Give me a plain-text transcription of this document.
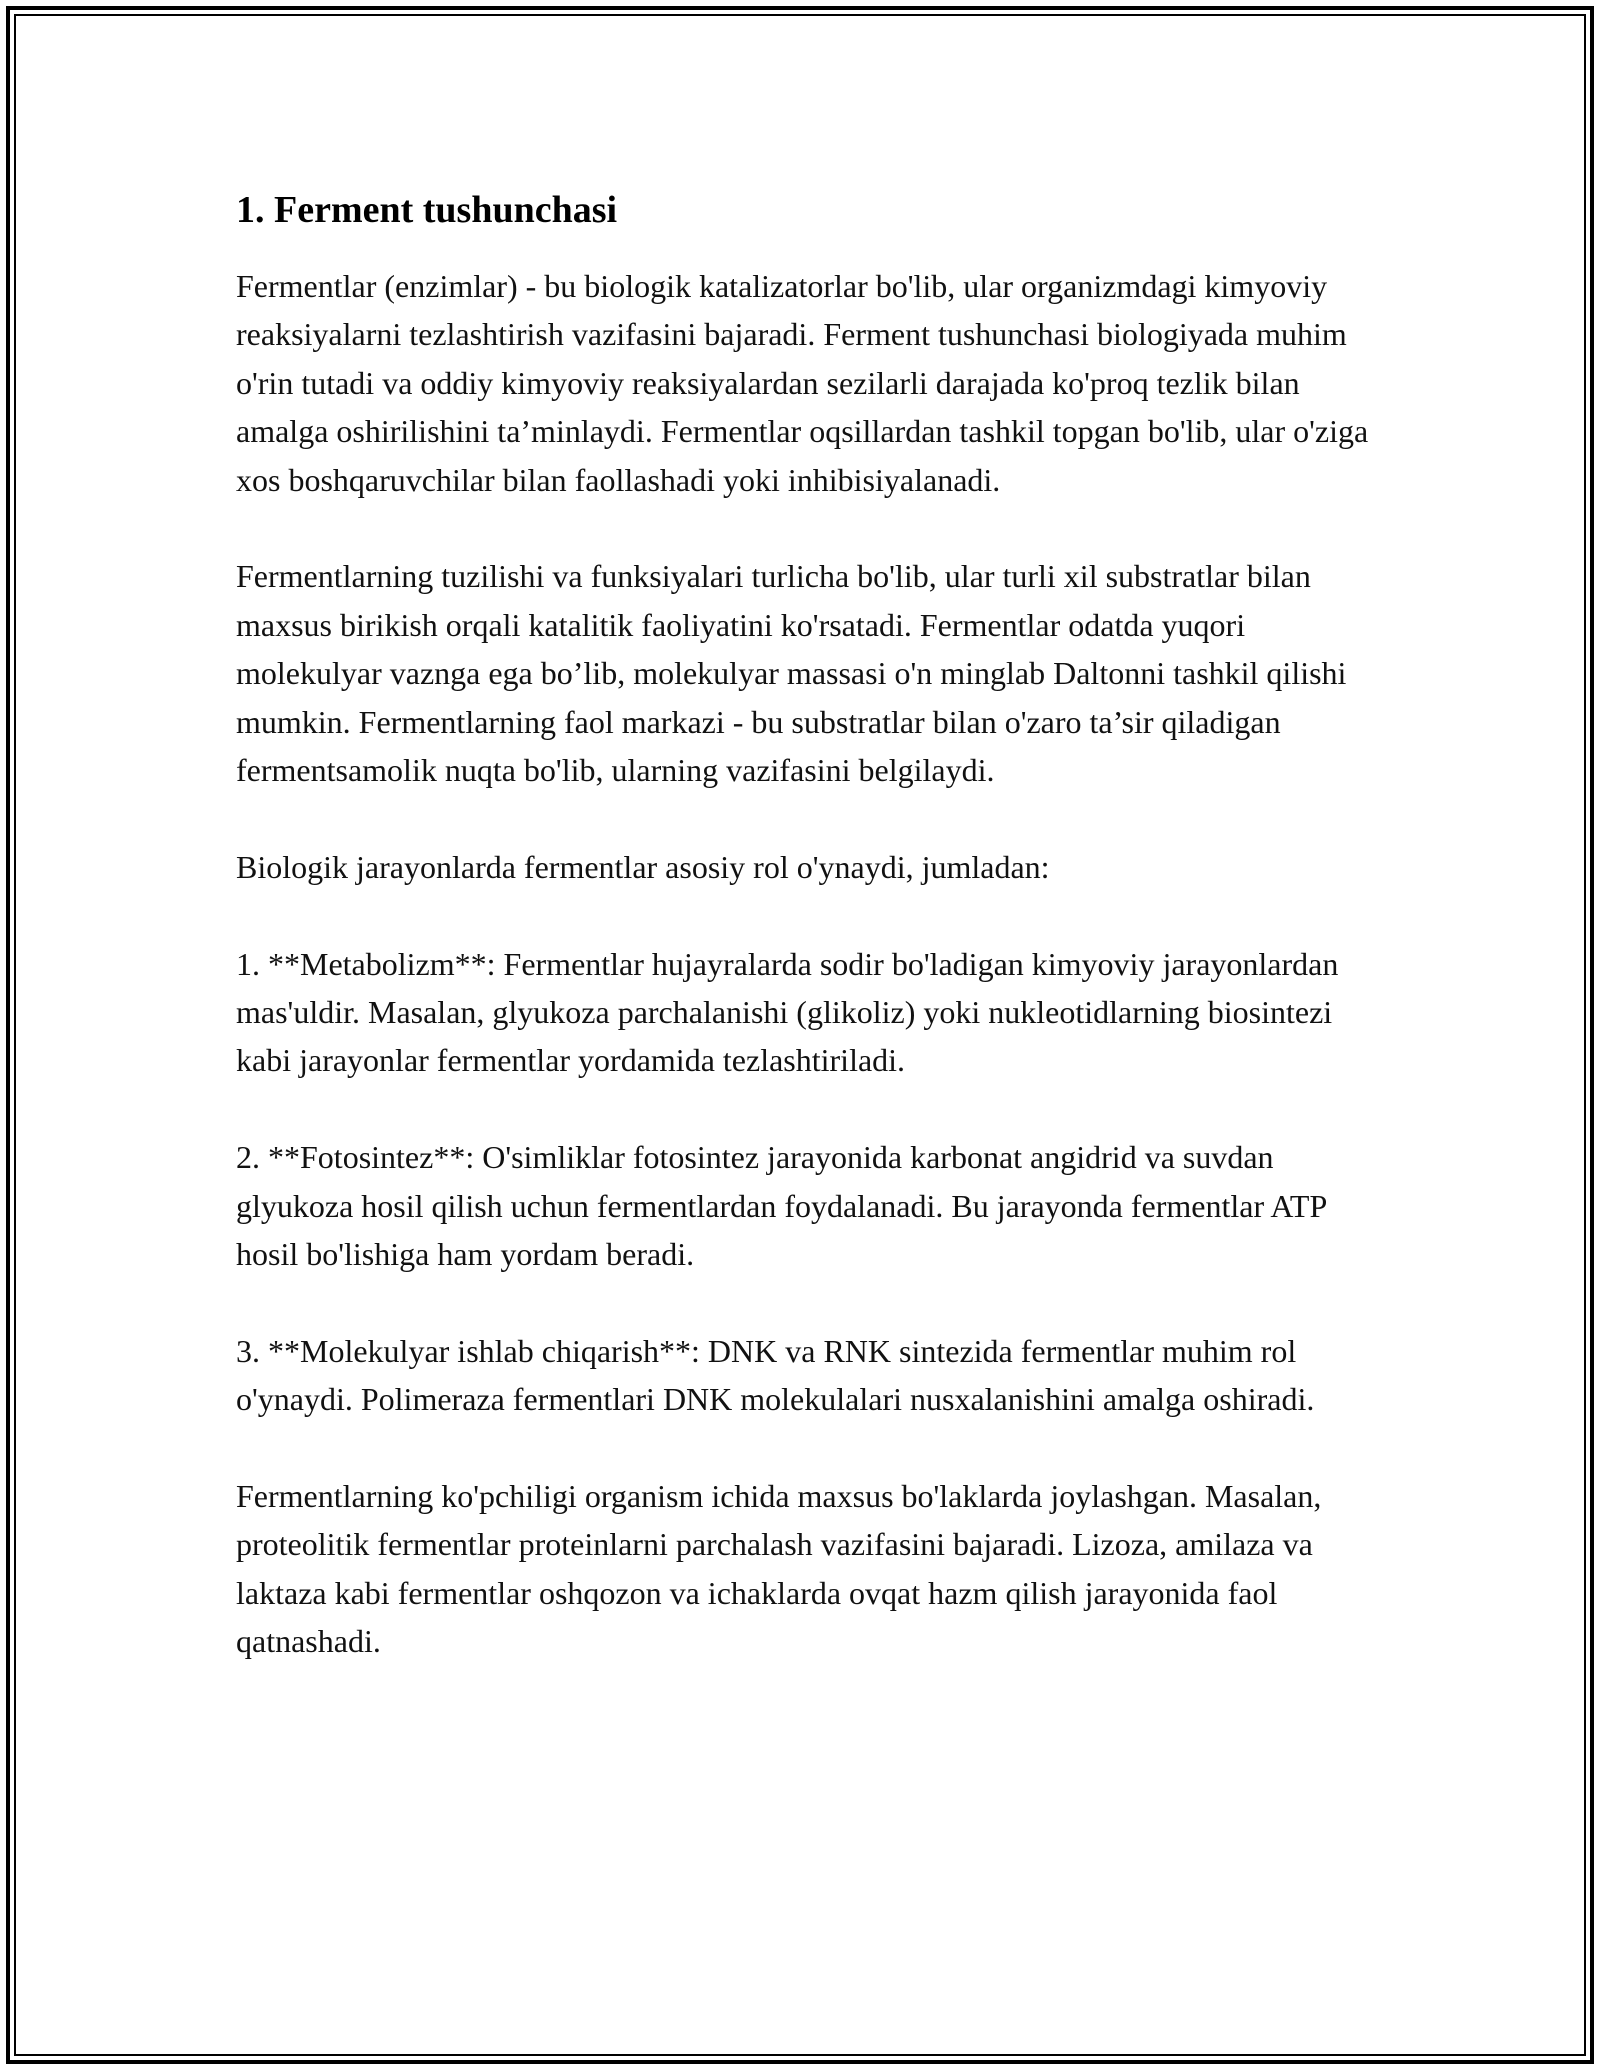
1. Ferment tushunchasi

Fermentlar (enzimlar) - bu biologik katalizatorlar bo'lib, ular organizmdagi kimyoviy reaksiyalarni tezlashtirish vazifasini bajaradi. Ferment tushunchasi biologiyada muhim o'rin tutadi va oddiy kimyoviy reaksiyalardan sezilarli darajada ko'proq tezlik bilan amalga oshirilishini ta’minlaydi. Fermentlar oqsillardan tashkil topgan bo'lib, ular o'ziga xos boshqaruvchilar bilan faollashadi yoki inhibisiyalanadi.

Fermentlarning tuzilishi va funksiyalari turlicha bo'lib, ular turli xil substratlar bilan maxsus birikish orqali katalitik faoliyatini ko'rsatadi. Fermentlar odatda yuqori molekulyar vaznga ega bo’lib, molekulyar massasi o'n minglab Daltonni tashkil qilishi mumkin. Fermentlarning faol markazi - bu substratlar bilan o'zaro ta’sir qiladigan fermentsamolik nuqta bo'lib, ularning vazifasini belgilaydi.

Biologik jarayonlarda fermentlar asosiy rol o'ynaydi, jumladan:

1. **Metabolizm**: Fermentlar hujayralarda sodir bo'ladigan kimyoviy jarayonlardan mas'uldir. Masalan, glyukoza parchalanishi (glikoliz) yoki nukleotidlarning biosintezi kabi jarayonlar fermentlar yordamida tezlashtiriladi.

2. **Fotosintez**: O'simliklar fotosintez jarayonida karbonat angidrid va suvdan glyukoza hosil qilish uchun fermentlardan foydalanadi. Bu jarayonda fermentlar ATP hosil bo'lishiga ham yordam beradi.

3. **Molekulyar ishlab chiqarish**: DNK va RNK sintezida fermentlar muhim rol o'ynaydi. Polimeraza fermentlari DNK molekulalari nusxalanishini amalga oshiradi.

Fermentlarning ko'pchiligi organism ichida maxsus bo'laklarda joylashgan. Masalan, proteolitik fermentlar proteinlarni parchalash vazifasini bajaradi. Lizoza, amilaza va laktaza kabi fermentlar oshqozon va ichaklarda ovqat hazm qilish jarayonida faol qatnashadi.
